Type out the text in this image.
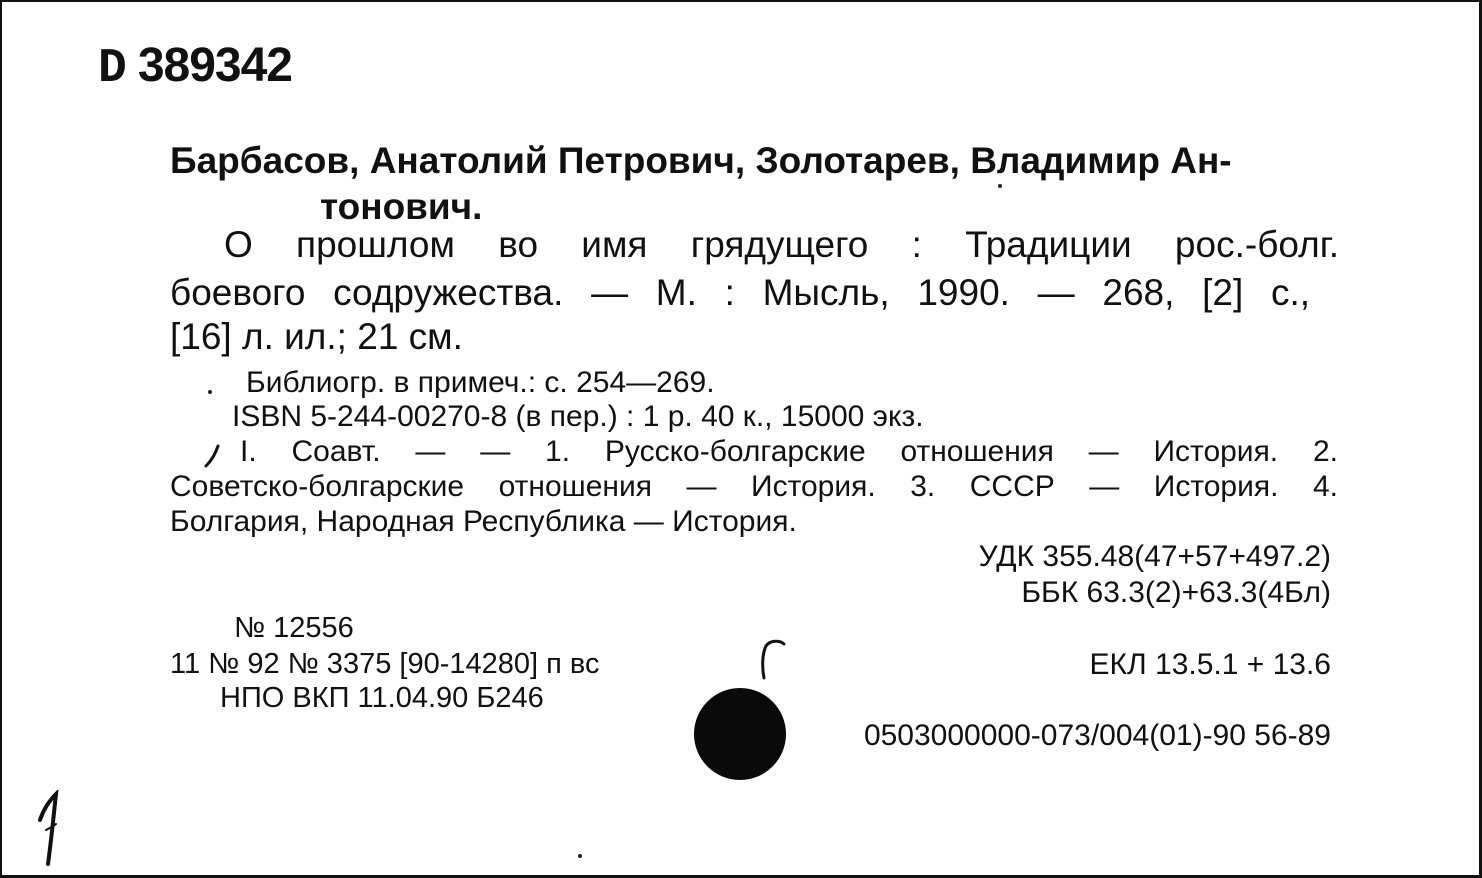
D 389342
Барбасов, Анатолий Петрович, Золотарев, Владимир Ан-
тонович.
О прошлом во имя грядущего : Традиции рос.-болг.
боевого содружества. — М. : Мысль, 1990. — 268, [2] с.,
[16] л. ил.; 21 см.
Библиогр. в примеч.: с. 254—269.
ISBN 5-244-00270-8 (в пер.) : 1 р. 40 к., 15000 экз.
I. Соавт. — — 1. Русско-болгарские отношения — История. 2.
Советско-болгарские отношения — История. 3. СССР — История. 4.
Болгария, Народная Республика — История.
УДК 355.48(47+57+497.2)
ББК 63.3(2)+63.3(4Бл)
№ 12556
11 № 92 № 3375 [90-14280] п вс	ЕКЛ 13.5.1 + 13.6
НПО ВКП 11.04.90 Б246
0503000000-073/004(01)-90 56-89
